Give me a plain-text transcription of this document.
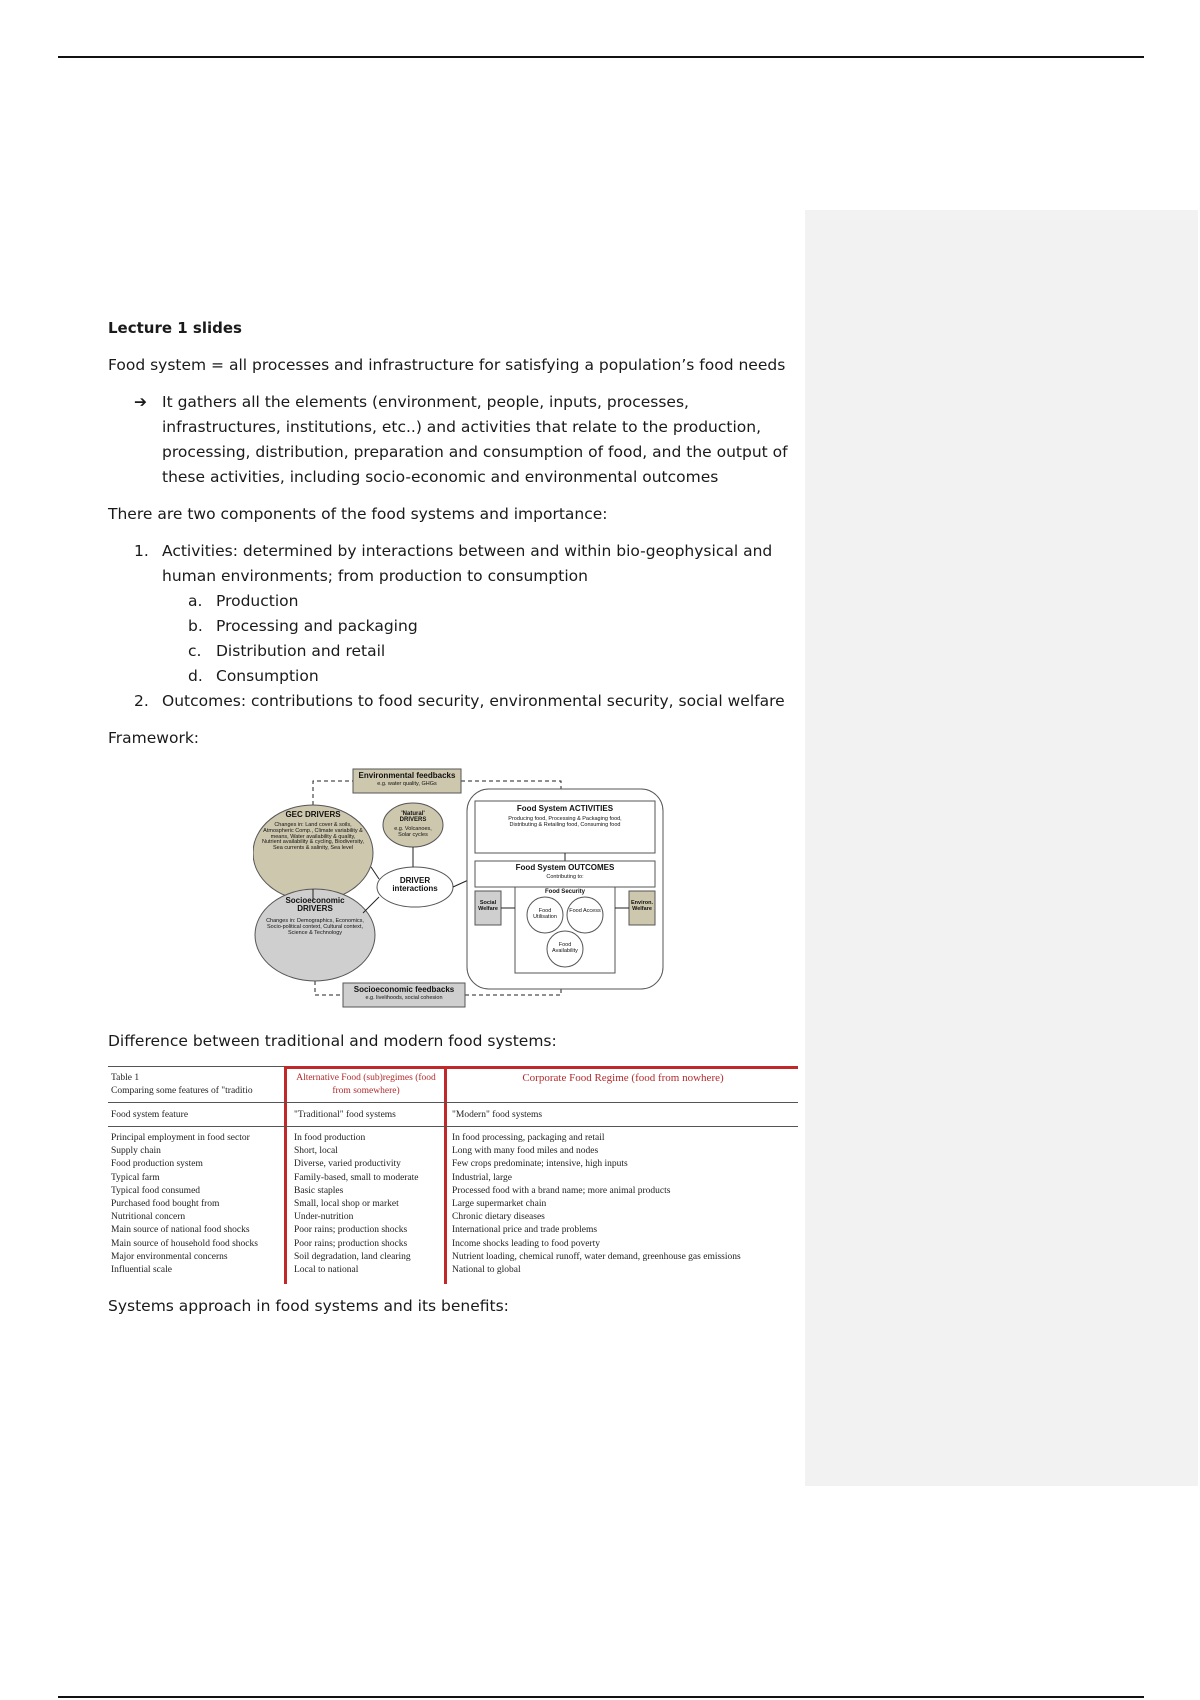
Lecture 1 slides
Food system = all processes and infrastructure for satisfying a population’s food needs
➔ It gathers all the elements (environment, people, inputs, processes, infrastructures, institutions, etc..) and activities that relate to the production, processing, distribution, preparation and consumption of food, and the output of these activities, including socio-economic and environmental outcomes
There are two components of the food systems and importance:
1. Activities: determined by interactions between and within bio-geophysical and human environments; from production to consumption
a. Production
b. Processing and packaging
c. Distribution and retail
d. Consumption
2. Outcomes: contributions to food security, environmental security, social welfare
Framework:
Environmental feedbacks
e.g. water quality, GHGs
GEC DRIVERS
Changes in: Land cover & soils, Atmospheric Comp., Climate variability & means, Water availability & quality, Nutrient availability & cycling, Biodiversity, Sea currents & salinity, Sea level
'Natural' DRIVERS
e.g. Volcanoes, Solar cycles
DRIVER interactions
Socioeconomic DRIVERS
Changes in: Demographics, Economics, Socio-political context, Cultural context, Science & Technology
Food System ACTIVITIES
Producing food, Processing & Packaging food, Distributing & Retailing food, Consuming food
Food System OUTCOMES
Contributing to:
Food Security
Social Welfare
Environ. Welfare
Food Utilisation
Food Access
Food Availability
Socioeconomic feedbacks
e.g. livelihoods, social cohesion
Difference between traditional and modern food systems:
Table 1
Comparing some features of "traditio
Alternative Food (sub)regimes (food from somewhere)
Corporate Food Regime (food from nowhere)
Food system feature	"Traditional" food systems	"Modern" food systems
Principal employment in food sector
Supply chain
Food production system
Typical farm
Typical food consumed
Purchased food bought from
Nutritional concern
Main source of national food shocks
Main source of household food shocks
Major environmental concerns
Influential scale
In food production
Short, local
Diverse, varied productivity
Family-based, small to moderate
Basic staples
Small, local shop or market
Under-nutrition
Poor rains; production shocks
Poor rains; production shocks
Soil degradation, land clearing
Local to national
In food processing, packaging and retail
Long with many food miles and nodes
Few crops predominate; intensive, high inputs
Industrial, large
Processed food with a brand name; more animal products
Large supermarket chain
Chronic dietary diseases
International price and trade problems
Income shocks leading to food poverty
Nutrient loading, chemical runoff, water demand, greenhouse gas emissions
National to global
Systems approach in food systems and its benefits:
